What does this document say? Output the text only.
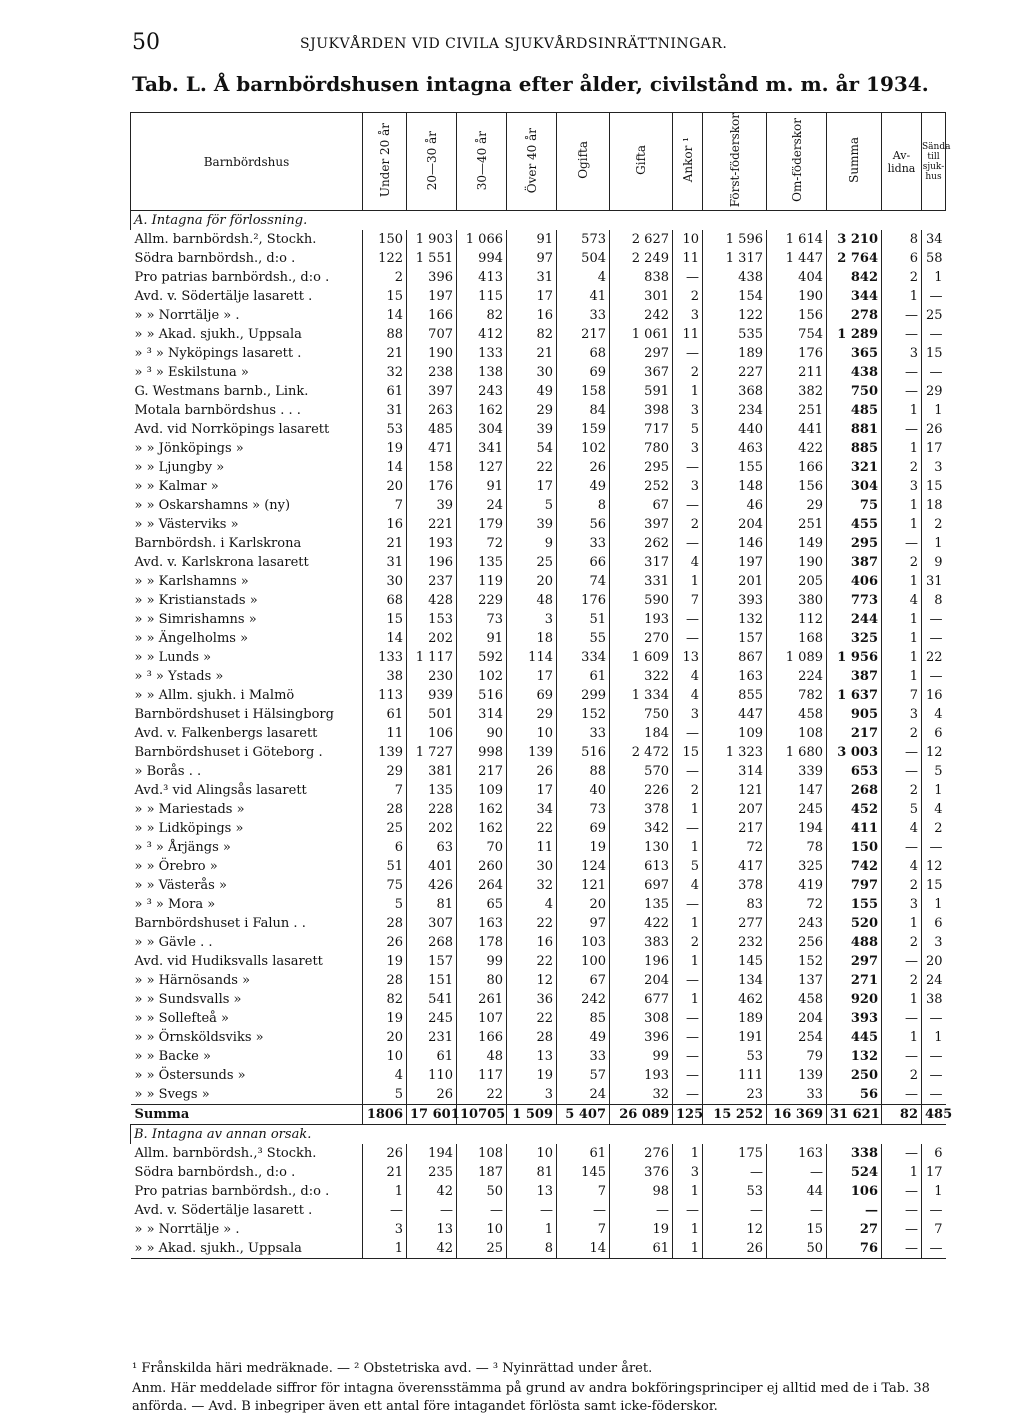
50	SJUKVÅRDEN VID CIVILA SJUKVÅRDSINRÄTTNINGAR.
Tab. L. Å barnbördshusen intagna efter ålder, civilstånd m. m. år 1934.
Barnbördshus	Under 20 år	20—30 år	30—40 år	Över 40 år	Ogifta	Gifta	Ankor ¹	Först-föderskor	Om-föderskor	Summa	Av-lidna	Sända till sjuk-hus
A. Intagna för förlossning.												
Allm. barnbördsh.², Stockh.	150	1 903	1 066	91	573	2 627	10	1 596	1 614	3 210	8	34
Södra barnbördsh., d:o .	122	1 551	994	97	504	2 249	11	1 317	1 447	2 764	6	58
Pro patrias barnbördsh., d:o .	2	396	413	31	4	838	—	438	404	842	2	1
Avd. v. Södertälje lasarett .	15	197	115	17	41	301	2	154	190	344	1	—
» » Norrtälje » .	14	166	82	16	33	242	3	122	156	278	—	25
» » Akad. sjukh., Uppsala	88	707	412	82	217	1 061	11	535	754	1 289	—	—
» ³ » Nyköpings lasarett .	21	190	133	21	68	297	—	189	176	365	3	15
» ³ » Eskilstuna »	32	238	138	30	69	367	2	227	211	438	—	—
G. Westmans barnb., Link.	61	397	243	49	158	591	1	368	382	750	—	29
Motala barnbördshus . . .	31	263	162	29	84	398	3	234	251	485	1	1
Avd. vid Norrköpings lasarett	53	485	304	39	159	717	5	440	441	881	—	26
» » Jönköpings »	19	471	341	54	102	780	3	463	422	885	1	17
» » Ljungby »	14	158	127	22	26	295	—	155	166	321	2	3
» » Kalmar »	20	176	91	17	49	252	3	148	156	304	3	15
» » Oskarshamns » (ny)	7	39	24	5	8	67	—	46	29	75	1	18
» » Västerviks »	16	221	179	39	56	397	2	204	251	455	1	2
Barnbördsh. i Karlskrona	21	193	72	9	33	262	—	146	149	295	—	1
Avd. v. Karlskrona lasarett	31	196	135	25	66	317	4	197	190	387	2	9
» » Karlshamns »	30	237	119	20	74	331	1	201	205	406	1	31
» » Kristianstads »	68	428	229	48	176	590	7	393	380	773	4	8
» » Simrishamns »	15	153	73	3	51	193	—	132	112	244	1	—
» » Ängelholms »	14	202	91	18	55	270	—	157	168	325	1	—
» » Lunds »	133	1 117	592	114	334	1 609	13	867	1 089	1 956	1	22
» ³ » Ystads »	38	230	102	17	61	322	4	163	224	387	1	—
» » Allm. sjukh. i Malmö	113	939	516	69	299	1 334	4	855	782	1 637	7	16
Barnbördshuset i Hälsingborg	61	501	314	29	152	750	3	447	458	905	3	4
Avd. v. Falkenbergs lasarett	11	106	90	10	33	184	—	109	108	217	2	6
Barnbördshuset i Göteborg .	139	1 727	998	139	516	2 472	15	1 323	1 680	3 003	—	12
» Borås . .	29	381	217	26	88	570	—	314	339	653	—	5
Avd.³ vid Alingsås lasarett	7	135	109	17	40	226	2	121	147	268	2	1
» » Mariestads »	28	228	162	34	73	378	1	207	245	452	5	4
» » Lidköpings »	25	202	162	22	69	342	—	217	194	411	4	2
» ³ » Årjängs »	6	63	70	11	19	130	1	72	78	150	—	—
» » Örebro »	51	401	260	30	124	613	5	417	325	742	4	12
» » Västerås »	75	426	264	32	121	697	4	378	419	797	2	15
» ³ » Mora »	5	81	65	4	20	135	—	83	72	155	3	1
Barnbördshuset i Falun . .	28	307	163	22	97	422	1	277	243	520	1	6
» » Gävle . .	26	268	178	16	103	383	2	232	256	488	2	3
Avd. vid Hudiksvalls lasarett	19	157	99	22	100	196	1	145	152	297	—	20
» » Härnösands »	28	151	80	12	67	204	—	134	137	271	2	24
» » Sundsvalls »	82	541	261	36	242	677	1	462	458	920	1	38
» » Sollefteå »	19	245	107	22	85	308	—	189	204	393	—	—
» » Örnsköldsviks »	20	231	166	28	49	396	—	191	254	445	1	1
» » Backe »	10	61	48	13	33	99	—	53	79	132	—	—
» » Östersunds »	4	110	117	19	57	193	—	111	139	250	2	—
» » Svegs »	5	26	22	3	24	32	—	23	33	56	—	—
Summa	1806	17 601	10705	1 509	5 407	26 089	125	15 252	16 369	31 621	82	485
B. Intagna av annan orsak.												
Allm. barnbördsh.,³ Stockh.	26	194	108	10	61	276	1	175	163	338	—	6
Södra barnbördsh., d:o .	21	235	187	81	145	376	3	—	—	524	1	17
Pro patrias barnbördsh., d:o .	1	42	50	13	7	98	1	53	44	106	—	1
Avd. v. Södertälje lasarett .	—	—	—	—	—	—	—	—	—	—	—	—
» » Norrtälje » .	3	13	10	1	7	19	1	12	15	27	—	7
» » Akad. sjukh., Uppsala	1	42	25	8	14	61	1	26	50	76	—	—
Anm. Här meddelade siffror för intagna överensstämma på grund av andra bokföringsprinciper ej alltid med de i Tab. 38 anförda. — Avd. B inbegriper även ett antal före intagandet förlösta samt icke-föderskor.
¹ Frånskilda häri medräknade. — ² Obstetriska avd. — ³ Nyinrättad under året.
